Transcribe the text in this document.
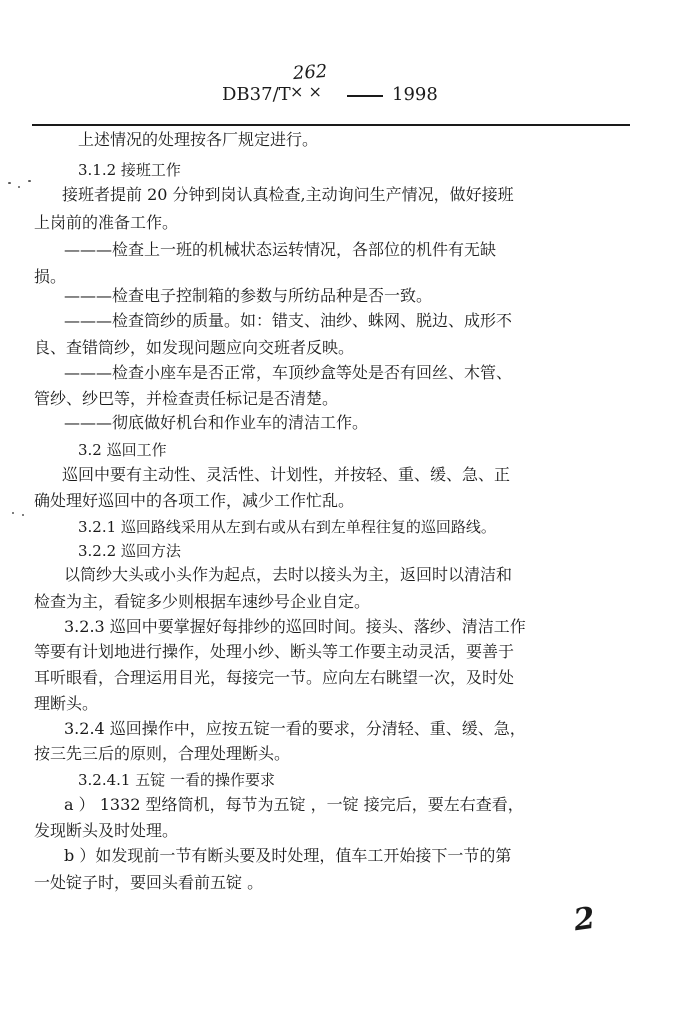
DB37/T × ×
262
1998
上述情况的处理按各厂规定进行。
3.1.2 接班工作
接班者提前 20 分钟到岗认真检查,主动询问生产情况，做好接班
上岗前的准备工作。
———检查上一班的机械状态运转情况，各部位的机件有无缺
损。
———检查电子控制箱的参数与所纺品种是否一致。
———检查筒纱的质量。如：错支、油纱、蛛网、脱边、成形不
良、查错筒纱，如发现问题应向交班者反映。
———检查小座车是否正常，车顶纱盒等处是否有回丝、木管、
管纱、纱巴等，并检查责任标记是否清楚。
———彻底做好机台和作业车的清洁工作。
3.2 巡回工作
巡回中要有主动性、灵活性、计划性，并按轻、重、缓、急、正
确处理好巡回中的各项工作，减少工作忙乱。
3.2.1 巡回路线采用从左到右或从右到左单程往复的巡回路线。
3.2.2 巡回方法
以筒纱大头或小头作为起点，去时以接头为主，返回时以清洁和
检查为主，看锭多少则根据车速纱号企业自定。
3.2.3 巡回中要掌握好每排纱的巡回时间。接头、落纱、清洁工作
等要有计划地进行操作，处理小纱、断头等工作要主动灵活，要善于
耳听眼看，合理运用目光，每接完一节。应向左右眺望一次，及时处
理断头。
3.2.4 巡回操作中，应按五锭一看的要求，分清轻、重、缓、急，
按三先三后的原则，合理处理断头。
3.2.4.1 五锭 一看的操作要求
a ） 1332 型络筒机，每节为五锭 ，一锭 接完后，要左右查看，
发现断头及时处理。
b ）如发现前一节有断头要及时处理，值车工开始接下一节的第
一处锭子时，要回头看前五锭 。
2
